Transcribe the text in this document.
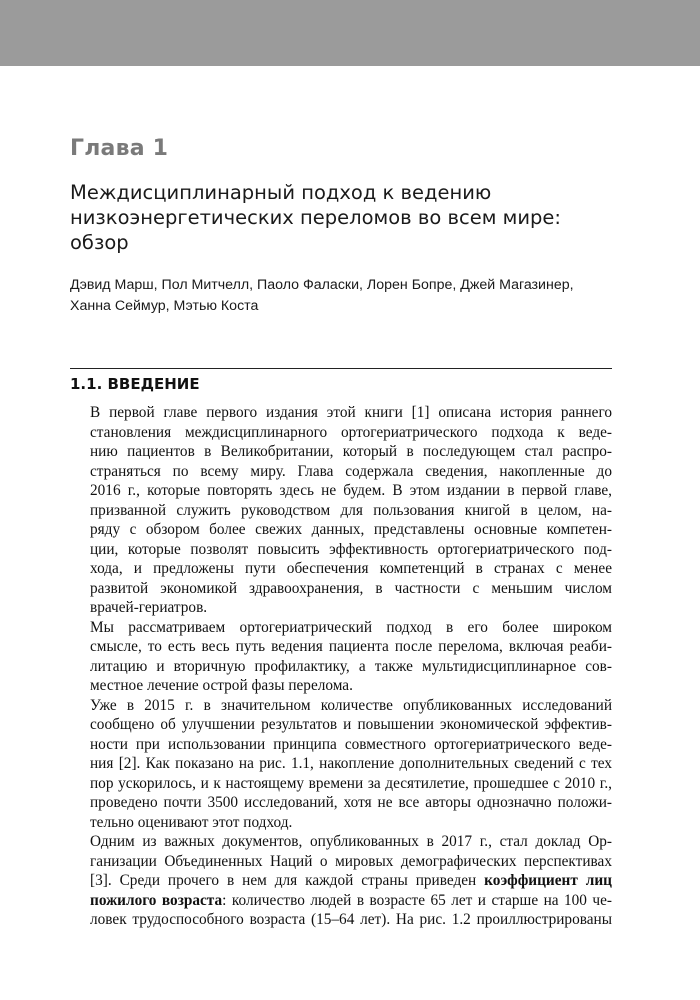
Глава 1
Междисциплинарный подход к ведению
низкоэнергетических переломов во всем мире:
обзор
Дэвид Марш, Пол Митчелл, Паоло Фаласки, Лорен Бопре, Джей Магазинер,
Ханна Сеймур, Мэтью Коста
1.1. ВВЕДЕНИЕ

В первой главе первого издания этой книги [1] описана история раннего
становления междисциплинарного ортогериатрического подхода к веде-
нию пациентов в Великобритании, который в последующем стал распро-
страняться по всему миру. Глава содержала сведения, накопленные до
2016 г., которые повторять здесь не будем. В этом издании в первой главе,
призванной служить руководством для пользования книгой в целом, на-
ряду с обзором более свежих данных, представлены основные компетен-
ции, которые позволят повысить эффективность ортогериатрического под-
хода, и предложены пути обеспечения компетенций в странах с менее
развитой экономикой здравоохранения, в частности с меньшим числом
врачей-гериатров.

Мы рассматриваем ортогериатрический подход в его более широком
смысле, то есть весь путь ведения пациента после перелома, включая реаби-
литацию и вторичную профилактику, а также мультидисциплинарное сов-
местное лечение острой фазы перелома.

Уже в 2015 г. в значительном количестве опубликованных исследований
сообщено об улучшении результатов и повышении экономической эффектив-
ности при использовании принципа совместного ортогериатрического веде-
ния [2]. Как показано на рис. 1.1, накопление дополнительных сведений с тех
пор ускорилось, и к настоящему времени за десятилетие, прошедшее с 2010 г.,
проведено почти 3500 исследований, хотя не все авторы однозначно положи-
тельно оценивают этот подход.

Одним из важных документов, опубликованных в 2017 г., стал доклад Ор-
ганизации Объединенных Наций о мировых демографических перспективах
[3]. Среди прочего в нем для каждой страны приведен коэффициент лиц
пожилого возраста: количество людей в возрасте 65 лет и старше на 100 че-
ловек трудоспособного возраста (15–64 лет). На рис. 1.2 проиллюстрированы
